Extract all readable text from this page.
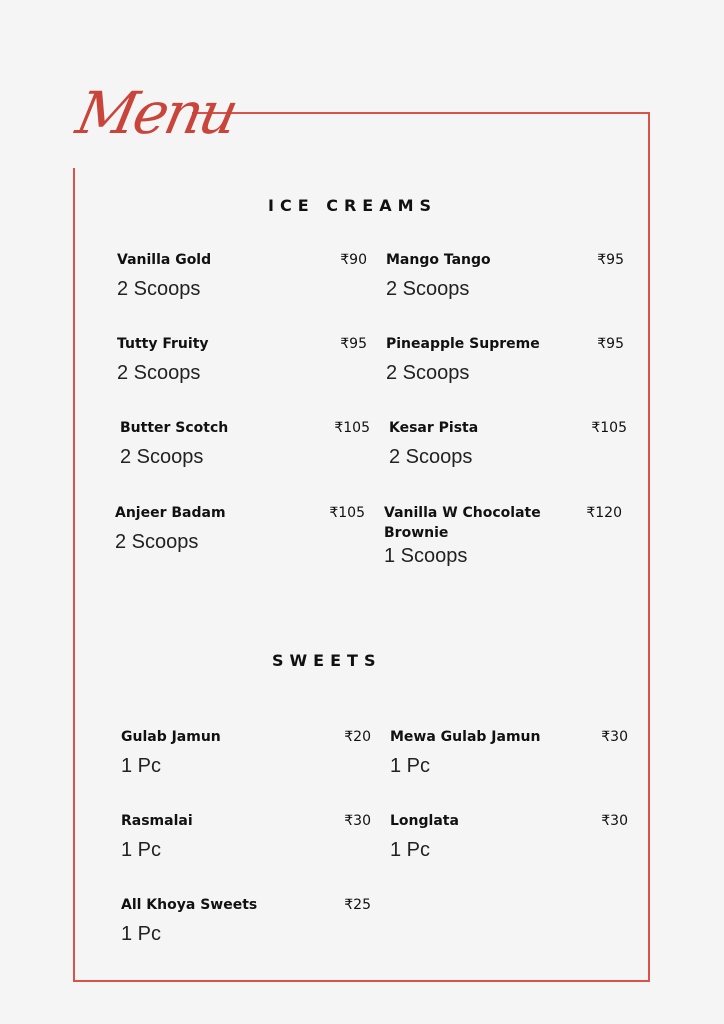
Menu
ICE CREAMS
Vanilla Gold	₹90
2 Scoops
Mango Tango	₹95
2 Scoops
Tutty Fruity	₹95
2 Scoops
Pineapple Supreme	₹95
2 Scoops
Butter Scotch	₹105
2 Scoops
Kesar Pista	₹105
2 Scoops
Anjeer Badam	₹105
2 Scoops
Vanilla W Chocolate Brownie
₹120
1 Scoops
SWEETS
Gulab Jamun	₹20
1 Pc
Mewa Gulab Jamun	₹30
1 Pc
Rasmalai	₹30
1 Pc
Longlata	₹30
1 Pc
All Khoya Sweets	₹25
1 Pc
